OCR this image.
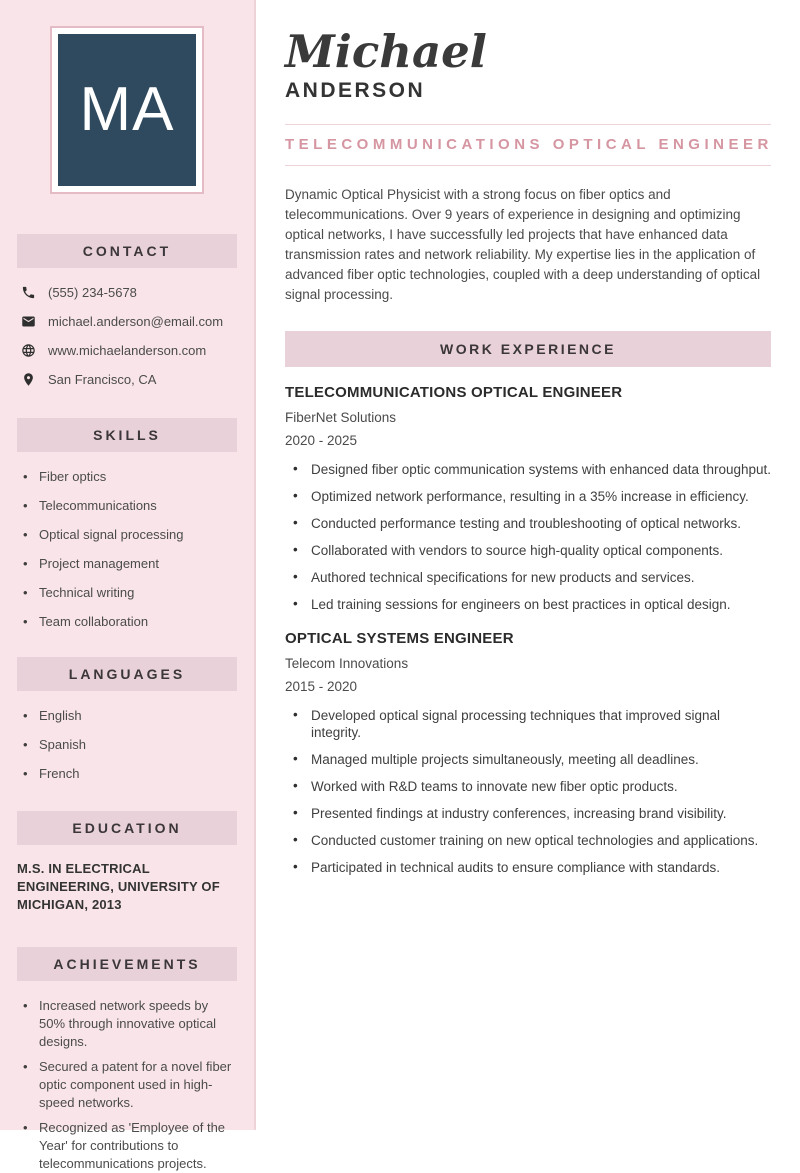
MA
CONTACT
(555) 234-5678
michael.anderson@email.com
www.michaelanderson.com
San Francisco, CA
SKILLS
• Fiber optics
• Telecommunications
• Optical signal processing
• Project management
• Technical writing
• Team collaboration
LANGUAGES
• English
• Spanish
• French
EDUCATION

M.S. IN ELECTRICAL ENGINEERING, UNIVERSITY OF MICHIGAN, 2013

ACHIEVEMENTS
• Increased network speeds by 50% through innovative optical designs.
• Secured a patent for a novel fiber optic component used in high-speed networks.
• Recognized as 'Employee of the Year' for contributions to telecommunications projects.
Michael
ANDERSON
TELECOMMUNICATIONS OPTICAL ENGINEER

Dynamic Optical Physicist with a strong focus on fiber optics and telecommunications. Over 9 years of experience in designing and optimizing optical networks, I have successfully led projects that have enhanced data transmission rates and network reliability. My expertise lies in the application of advanced fiber optic technologies, coupled with a deep understanding of optical signal processing.

WORK EXPERIENCE
TELECOMMUNICATIONS OPTICAL ENGINEER
FiberNet Solutions
2020 - 2025
• Designed fiber optic communication systems with enhanced data throughput.
• Optimized network performance, resulting in a 35% increase in efficiency.
• Conducted performance testing and troubleshooting of optical networks.
• Collaborated with vendors to source high-quality optical components.
• Authored technical specifications for new products and services.
• Led training sessions for engineers on best practices in optical design.
OPTICAL SYSTEMS ENGINEER
Telecom Innovations
2015 - 2020
• Developed optical signal processing techniques that improved signal integrity.
• Managed multiple projects simultaneously, meeting all deadlines.
• Worked with R&D teams to innovate new fiber optic products.
• Presented findings at industry conferences, increasing brand visibility.
• Conducted customer training on new optical technologies and applications.
• Participated in technical audits to ensure compliance with standards.
